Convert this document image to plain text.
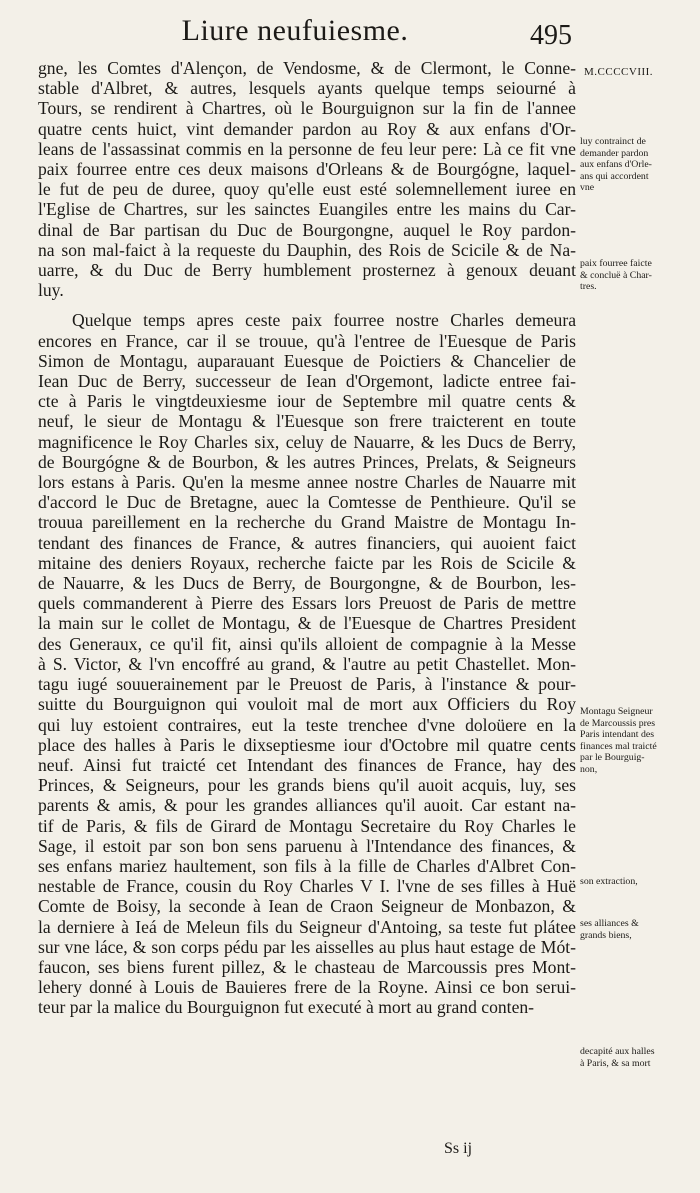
Liure neufuiesme.	495
M.CCCCVIII.
gne, les Comtes d'Alençon, de Vendosme, & de Clermont, le Conne-
stable d'Albret, & autres, lesquels ayants quelque temps seiourné à
Tours, se rendirent à Chartres, où le Bourguignon sur la fin de l'annee
quatre cents huict, vint demander pardon au Roy & aux enfans d'Or-
leans de l'assassinat commis en la personne de feu leur pere: Là ce fit vne
paix fourree entre ces deux maisons d'Orleans & de Bourgógne, laquel-
le fut de peu de duree, quoy qu'elle eust esté solemnellement iuree en
l'Eglise de Chartres, sur les sainctes Euangiles entre les mains du Car-
dinal de Bar partisan du Duc de Bourgongne, auquel le Roy pardon-
na son mal-faict à la requeste du Dauphin, des Rois de Scicile & de Na-
uarre, & du Duc de Berry humblement prosternez à genoux deuant
luy.
Quelque temps apres ceste paix fourree nostre Charles demeura
encores en France, car il se trouue, qu'à l'entree de l'Euesque de Paris
Simon de Montagu, auparauant Euesque de Poictiers & Chancelier de
Iean Duc de Berry, successeur de Iean d'Orgemont, ladicte entree fai-
cte à Paris le vingtdeuxiesme iour de Septembre mil quatre cents &
neuf, le sieur de Montagu & l'Euesque son frere traicterent en toute
magnificence le Roy Charles six, celuy de Nauarre, & les Ducs de Berry,
de Bourgógne & de Bourbon, & les autres Princes, Prelats, & Seigneurs
lors estans à Paris. Qu'en la mesme annee nostre Charles de Nauarre mit
d'accord le Duc de Bretagne, auec la Comtesse de Penthieure. Qu'il se
trouua pareillement en la recherche du Grand Maistre de Montagu In-
tendant des finances de France, & autres financiers, qui auoient faict
mitaine des deniers Royaux, recherche faicte par les Rois de Scicile &
de Nauarre, & les Ducs de Berry, de Bourgongne, & de Bourbon, les-
quels commanderent à Pierre des Essars lors Preuost de Paris de mettre
la main sur le collet de Montagu, & de l'Euesque de Chartres President
des Generaux, ce qu'il fit, ainsi qu'ils alloient de compagnie à la Messe
à S. Victor, & l'vn encoffré au grand, & l'autre au petit Chastellet. Mon-
tagu iugé souuerainement par le Preuost de Paris, à l'instance & pour-
suitte du Bourguignon qui vouloit mal de mort aux Officiers du Roy
qui luy estoient contraires, eut la teste trenchee d'vne doloüere en la
place des halles à Paris le dixseptiesme iour d'Octobre mil quatre cents
neuf. Ainsi fut traicté cet Intendant des finances de France, hay des
Princes, & Seigneurs, pour les grands biens qu'il auoit acquis, luy, ses
parents & amis, & pour les grandes alliances qu'il auoit. Car estant na-
tif de Paris, & fils de Girard de Montagu Secretaire du Roy Charles le
Sage, il estoit par son bon sens paruenu à l'Intendance des finances, &
ses enfans mariez haultement, son fils à la fille de Charles d'Albret Con-
nestable de France, cousin du Roy Charles V I. l'vne de ses filles à Huë
Comte de Boisy, la seconde à Iean de Craon Seigneur de Monbazon, &
la derniere à Ieá de Meleun fils du Seigneur d'Antoing, sa teste fut plátee
sur vne láce, & son corps pédu par les aisselles au plus haut estage de Mót-
faucon, ses biens furent pillez, & le chasteau de Marcoussis pres Mont-
lehery donné à Louis de Bauieres frere de la Royne. Ainsi ce bon serui-
teur par la malice du Bourguignon fut executé à mort au grand conten-
luy contrainct de
demander pardon
aux enfans d'Orle-
ans qui accordent
vne
paix fourree faicte
& concluë à Char-
tres.
Montagu Seigneur
de Marcoussis pres
Paris intendant des
finances mal traicté
par le Bourguig-
non,
son extraction,
ses alliances &
grands biens,
decapité aux halles
à Paris, & sa mort
Ss ij
